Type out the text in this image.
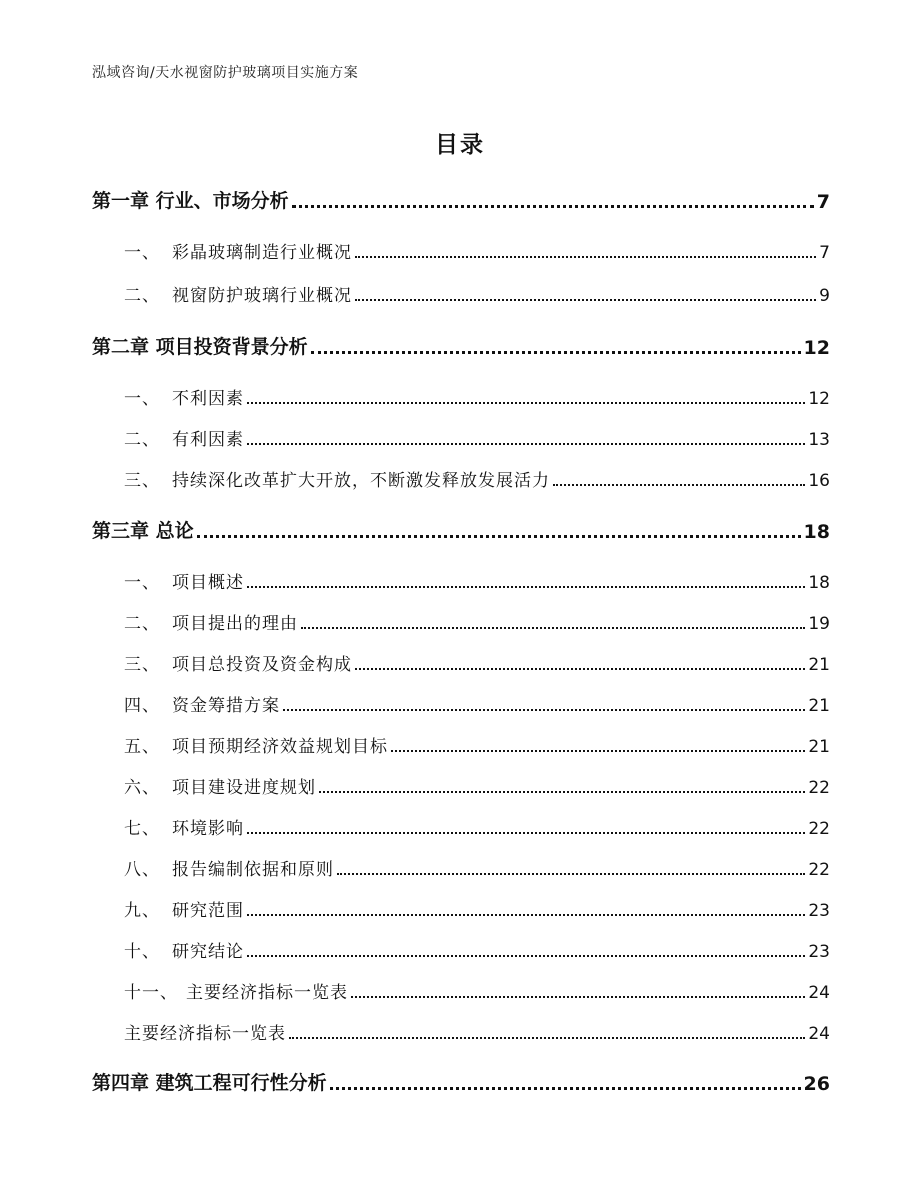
泓域咨询/天水视窗防护玻璃项目实施方案
目录
第一章 行业、市场分析	7
一、 彩晶玻璃制造行业概况	7
二、 视窗防护玻璃行业概况	9
第二章 项目投资背景分析	12
一、 不利因素	12
二、 有利因素	13
三、 持续深化改革扩大开放，不断激发释放发展活力	16
第三章 总论	18
一、 项目概述	18
二、 项目提出的理由	19
三、 项目总投资及资金构成	21
四、 资金筹措方案	21
五、 项目预期经济效益规划目标	21
六、 项目建设进度规划	22
七、 环境影响	22
八、 报告编制依据和原则	22
九、 研究范围	23
十、 研究结论	23
十一、 主要经济指标一览表	24
主要经济指标一览表	24
第四章 建筑工程可行性分析	26
